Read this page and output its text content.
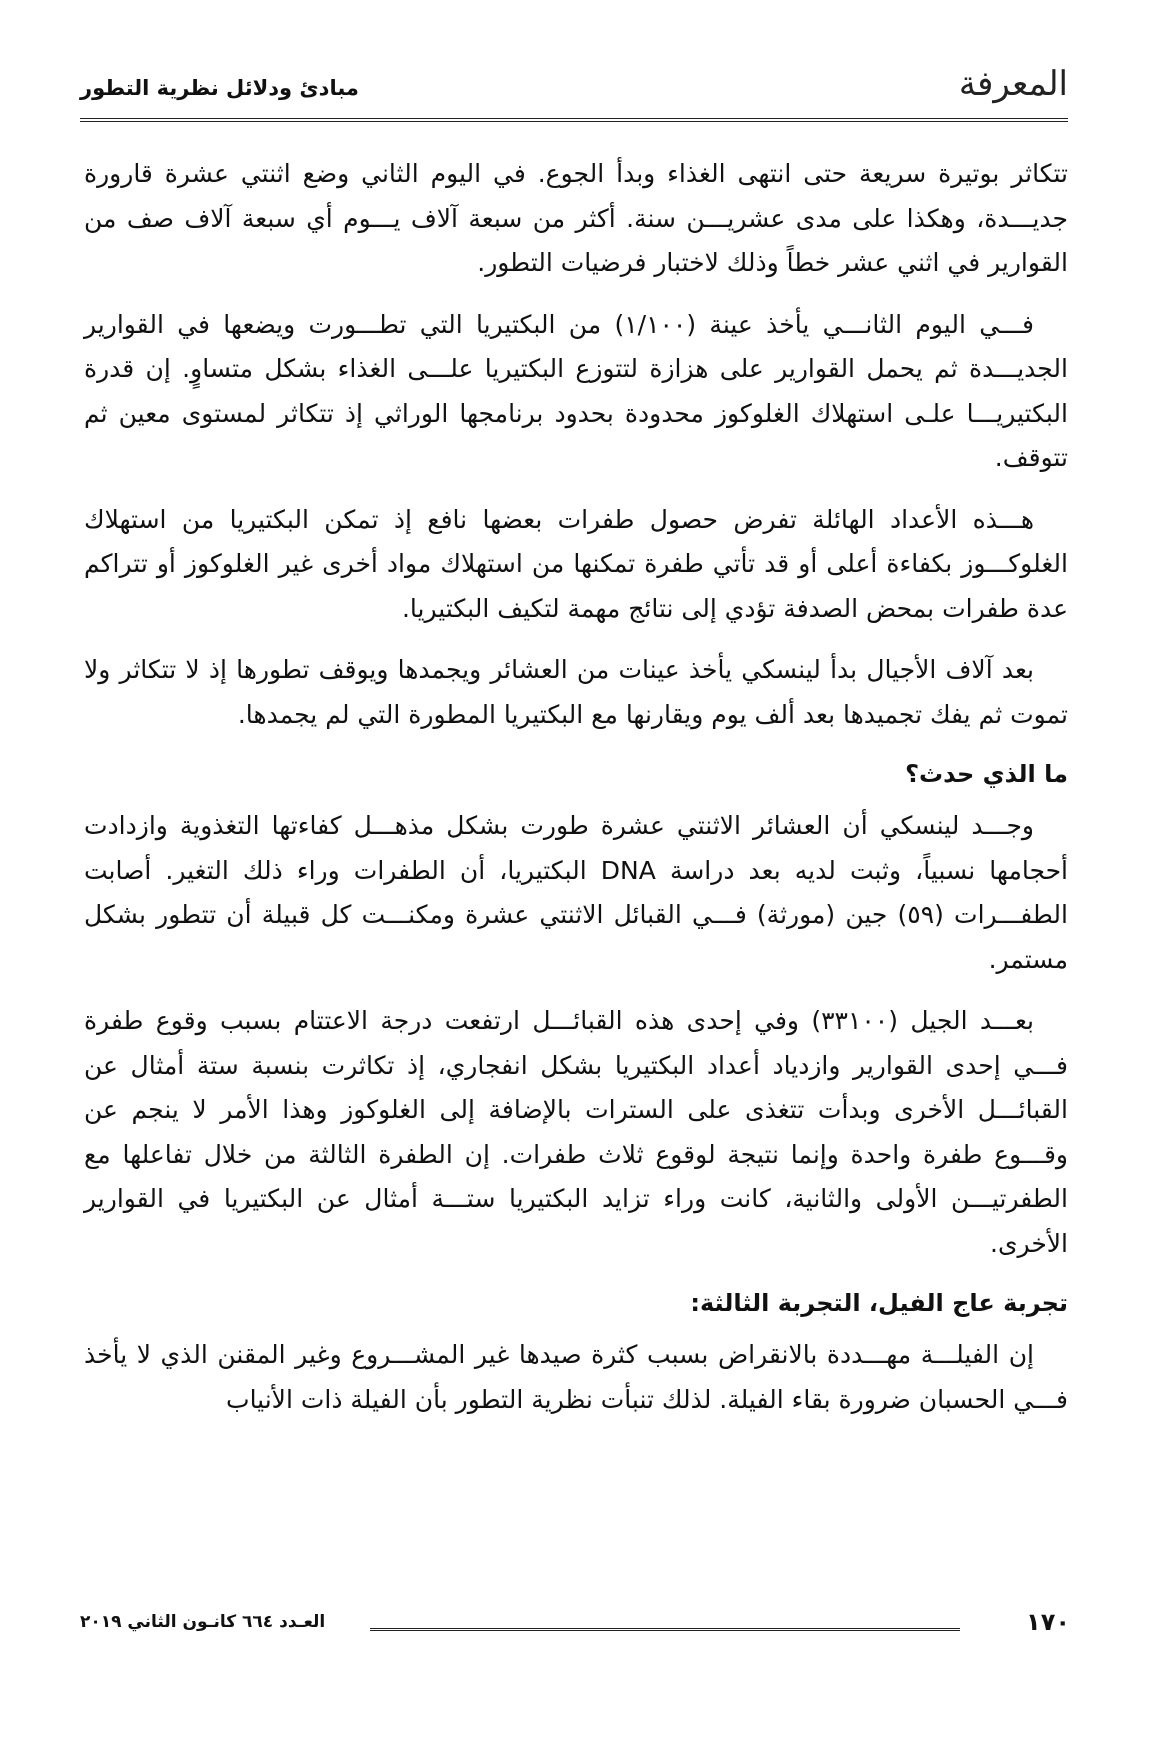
المعرفة
مبادئ ودلائل نظرية التطور

تتكاثر بوتيرة سريعة حتى انتهى الغذاء وبدأ الجوع. في اليوم الثاني وضع اثنتي عشرة قارورة جديـــدة، وهكذا على مدى عشريـــن سنة. أكثر من سبعة آلاف يـــوم أي سبعة آلاف صف من القوارير في اثني عشر خطاً وذلك لاختبار فرضيات التطور.

فـــي اليوم الثانـــي يأخذ عينة (١/١٠٠) من البكتيريا التي تطـــورت ويضعها في القوارير الجديـــدة ثم يحمل القوارير على هزازة لتتوزع البكتيريا علـــى الغذاء بشكل متساوٍ. إن قدرة البكتيريـــا علـى استهلاك الغلوكوز محدودة بحدود برنامجها الوراثي إذ تتكاثر لمستوى معين ثم تتوقف.

هـــذه الأعداد الهائلة تفرض حصول طفرات بعضها نافع إذ تمكن البكتيريا من استهلاك الغلوكـــوز بكفاءة أعلى أو قد تأتي طفرة تمكنها من استهلاك مواد أخرى غير الغلوكوز أو تتراكم عدة طفرات بمحض الصدفة تؤدي إلى نتائج مهمة لتكيف البكتيريا.

بعد آلاف الأجيال بدأ لينسكي يأخذ عينات من العشائر ويجمدها ويوقف تطورها إذ لا تتكاثر ولا تموت ثم يفك تجميدها بعد ألف يوم ويقارنها مع البكتيريا المطورة التي لم يجمدها.

ما الذي حدث؟

وجـــد لينسكي أن العشائر الاثنتي عشرة طورت بشكل مذهـــل كفاءتها التغذوية وازدادت أحجامها نسبياً، وثبت لديه بعد دراسة DNA البكتيريا، أن الطفرات وراء ذلك التغير. أصابت الطفـــرات (٥٩) جين (مورثة) فـــي القبائل الاثنتي عشرة ومكنـــت كل قبيلة أن تتطور بشكل مستمر.

بعـــد الجيل (٣٣١٠٠) وفي إحدى هذه القبائـــل ارتفعت درجة الاعتتام بسبب وقوع طفرة فـــي إحدى القوارير وازدياد أعداد البكتيريا بشكل انفجاري، إذ تكاثرت بنسبة ستة أمثال عن القبائـــل الأخرى وبدأت تتغذى على السترات بالإضافة إلى الغلوكوز وهذا الأمر لا ينجم عن وقـــوع طفرة واحدة وإنما نتيجة لوقوع ثلاث طفرات. إن الطفرة الثالثة من خلال تفاعلها مع الطفرتيـــن الأولى والثانية، كانت وراء تزايد البكتيريا ستـــة أمثال عن البكتيريا في القوارير الأخرى.

تجربة عاج الفيل، التجربة الثالثة:

إن الفيلـــة مهـــددة بالانقراض بسبب كثرة صيدها غير المشـــروع وغير المقنن الذي لا يأخذ فـــي الحسبان ضرورة بقاء الفيلة. لذلك تنبأت نظرية التطور بأن الفيلة ذات الأنياب

العـدد ٦٦٤ كانـون الثاني ٢٠١٩	١٧٠
